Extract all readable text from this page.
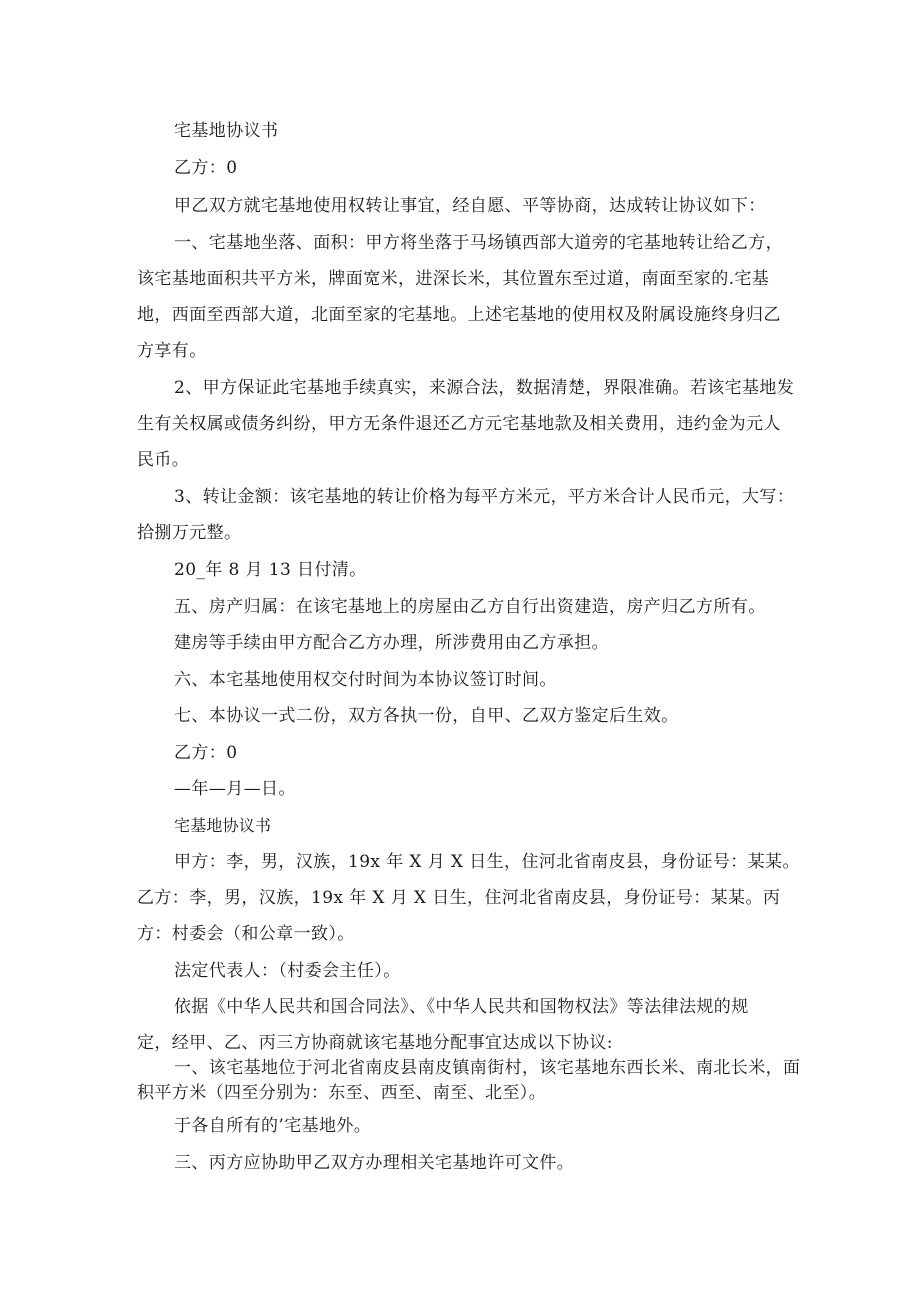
宅基地协议书

乙方：0

甲乙双方就宅基地使用权转让事宜，经自愿、平等协商，达成转让协议如下：

一、宅基地坐落、面积：甲方将坐落于马场镇西部大道旁的宅基地转让给乙方，

该宅基地面积共平方米，牌面宽米，进深长米，其位置东至过道，南面至家的.宅基

地，西面至西部大道，北面至家的宅基地。上述宅基地的使用权及附属设施终身归乙

方享有。

2、甲方保证此宅基地手续真实，来源合法，数据清楚，界限准确。若该宅基地发

生有关权属或债务纠纷，甲方无条件退还乙方元宅基地款及相关费用，违约金为元人

民币。

3、转让金额：该宅基地的转让价格为每平方米元，平方米合计人民币元，大写：

拾捌万元整。

20_年 8 月 13 日付清。

五、房产归属：在该宅基地上的房屋由乙方自行出资建造，房产归乙方所有。

建房等手续由甲方配合乙方办理，所涉费用由乙方承担。

六、本宅基地使用权交付时间为本协议签订时间。

七、本协议一式二份，双方各执一份，自甲、乙双方鉴定后生效。

乙方：0

—年—月—日。

宅基地协议书

甲方：李，男，汉族，19x 年 X 月 X 日生，住河北省南皮县，身份证号：某某。

乙方：李，男，汉族，19x 年 X 月 X 日生，住河北省南皮县，身份证号：某某。丙

方：村委会（和公章一致）。

法定代表人：（村委会主任）。

依据《中华人民共和国合同法》、《中华人民共和国物权法》等法律法规的规

定，经甲、乙、丙三方协商就该宅基地分配事宜达成以下协议:

一、该宅基地位于河北省南皮县南皮镇南街村，该宅基地东西长米、南北长米，面

积平方米（四至分别为：东至、西至、南至、北至）。

于各自所有的’宅基地外。

三、丙方应协助甲乙双方办理相关宅基地许可文件。
